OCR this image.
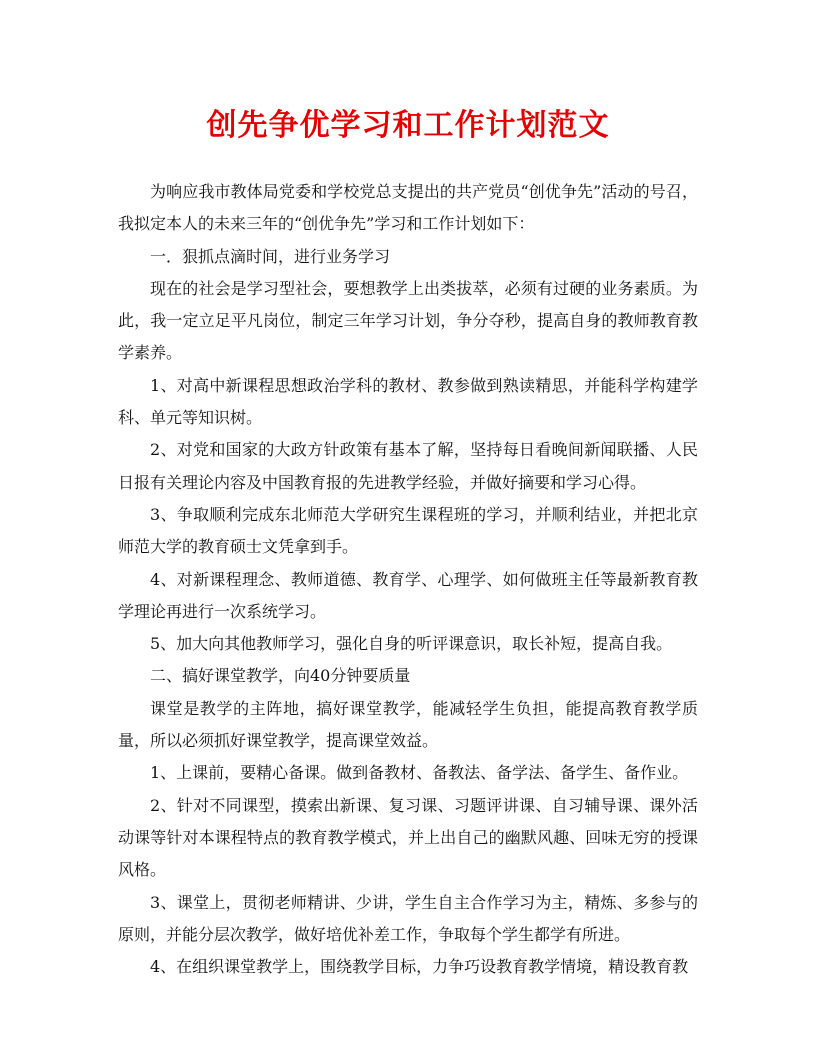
创先争优学习和工作计划范文

为响应我市教体局党委和学校党总支提出的共产党员“创优争先”活动的号召，我拟定本人的未来三年的“创优争先”学习和工作计划如下：

一．狠抓点滴时间，进行业务学习

现在的社会是学习型社会，要想教学上出类拔萃，必须有过硬的业务素质。为此，我一定立足平凡岗位，制定三年学习计划，争分夺秒，提高自身的教师教育教学素养。

1、对高中新课程思想政治学科的教材、教参做到熟读精思，并能科学构建学科、单元等知识树。

2、对党和国家的大政方针政策有基本了解，坚持每日看晚间新闻联播、人民日报有关理论内容及中国教育报的先进教学经验，并做好摘要和学习心得。

3、争取顺利完成东北师范大学研究生课程班的学习，并顺利结业，并把北京师范大学的教育硕士文凭拿到手。

4、对新课程理念、教师道德、教育学、心理学、如何做班主任等最新教育教学理论再进行一次系统学习。

5、加大向其他教师学习，强化自身的听评课意识，取长补短，提高自我。

二、搞好课堂教学，向40分钟要质量

课堂是教学的主阵地，搞好课堂教学，能减轻学生负担，能提高教育教学质量，所以必须抓好课堂教学，提高课堂效益。

1、上课前，要精心备课。做到备教材、备教法、备学法、备学生、备作业。

2、针对不同课型，摸索出新课、复习课、习题评讲课、自习辅导课、课外活动课等针对本课程特点的教育教学模式，并上出自己的幽默风趣、回味无穷的授课风格。

3、课堂上，贯彻老师精讲、少讲，学生自主合作学习为主，精炼、多参与的原则，并能分层次教学，做好培优补差工作，争取每个学生都学有所进。

4、在组织课堂教学上，围绕教学目标，力争巧设教育教学情境，精设教育教
